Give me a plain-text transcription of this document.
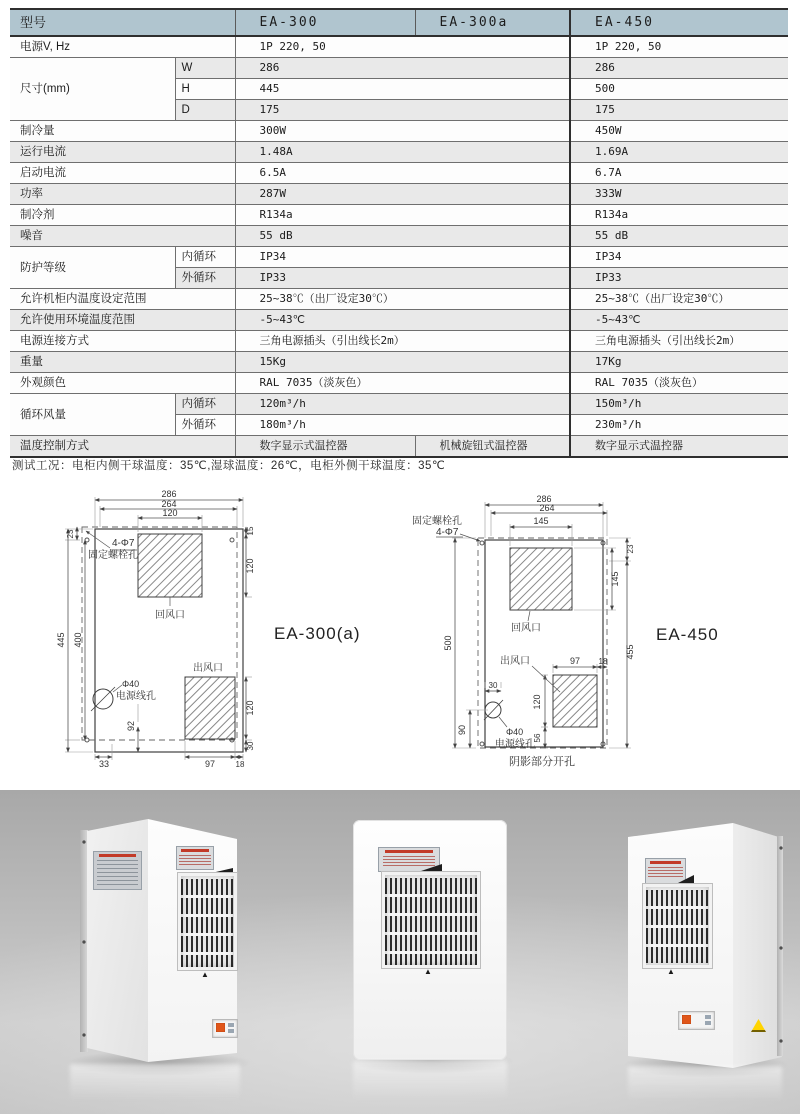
型号		EA-300	EA-300a	EA-450
电源V, Hz		1P 220, 50		1P 220, 50
尺寸(mm)	W	286		286
	H	445		500
	D	175		175
制冷量		300W		450W
运行电流		1.48A		1.69A
启动电流		6.5A		6.7A
功率		287W		333W
制冷剂		R134a		R134a
噪音		55 dB		55 dB
防护等级	内循环	IP34		IP34
	外循环	IP33		IP33
允许机柜内温度设定范围		25~38℃（出厂设定30℃）		25~38℃（出厂设定30℃）
允许使用环境温度范围		-5~43℃		-5~43℃
电源连接方式		三角电源插头（引出线长2m）		三角电源插头（引出线长2m）
重量		15Kg		17Kg
外观颜色		RAL 7035（淡灰色）		RAL 7035（淡灰色）
循环风量	内循环	120m³/h		150m³/h
	外循环	180m³/h		230m³/h
温度控制方式		数字显示式温控器	机械旋钮式温控器	数字显示式温控器
测试工况：电柜内侧干球温度：35℃,湿球温度：26℃，电柜外侧干球温度：35℃
286
264
120
445 400
23	15
120
92
33	97	18
30
120
4-Φ7
固定螺栓孔
回风口
出风口
Φ40
电源线孔
EA-300(a)
286
264
145
500
455
23
145
97 18
120
56
30
90
固定螺栓孔
4-Φ7
回风口
出风口
Φ40
电源线孔
阴影部分开孔
EA-450
▲
▲
▲
